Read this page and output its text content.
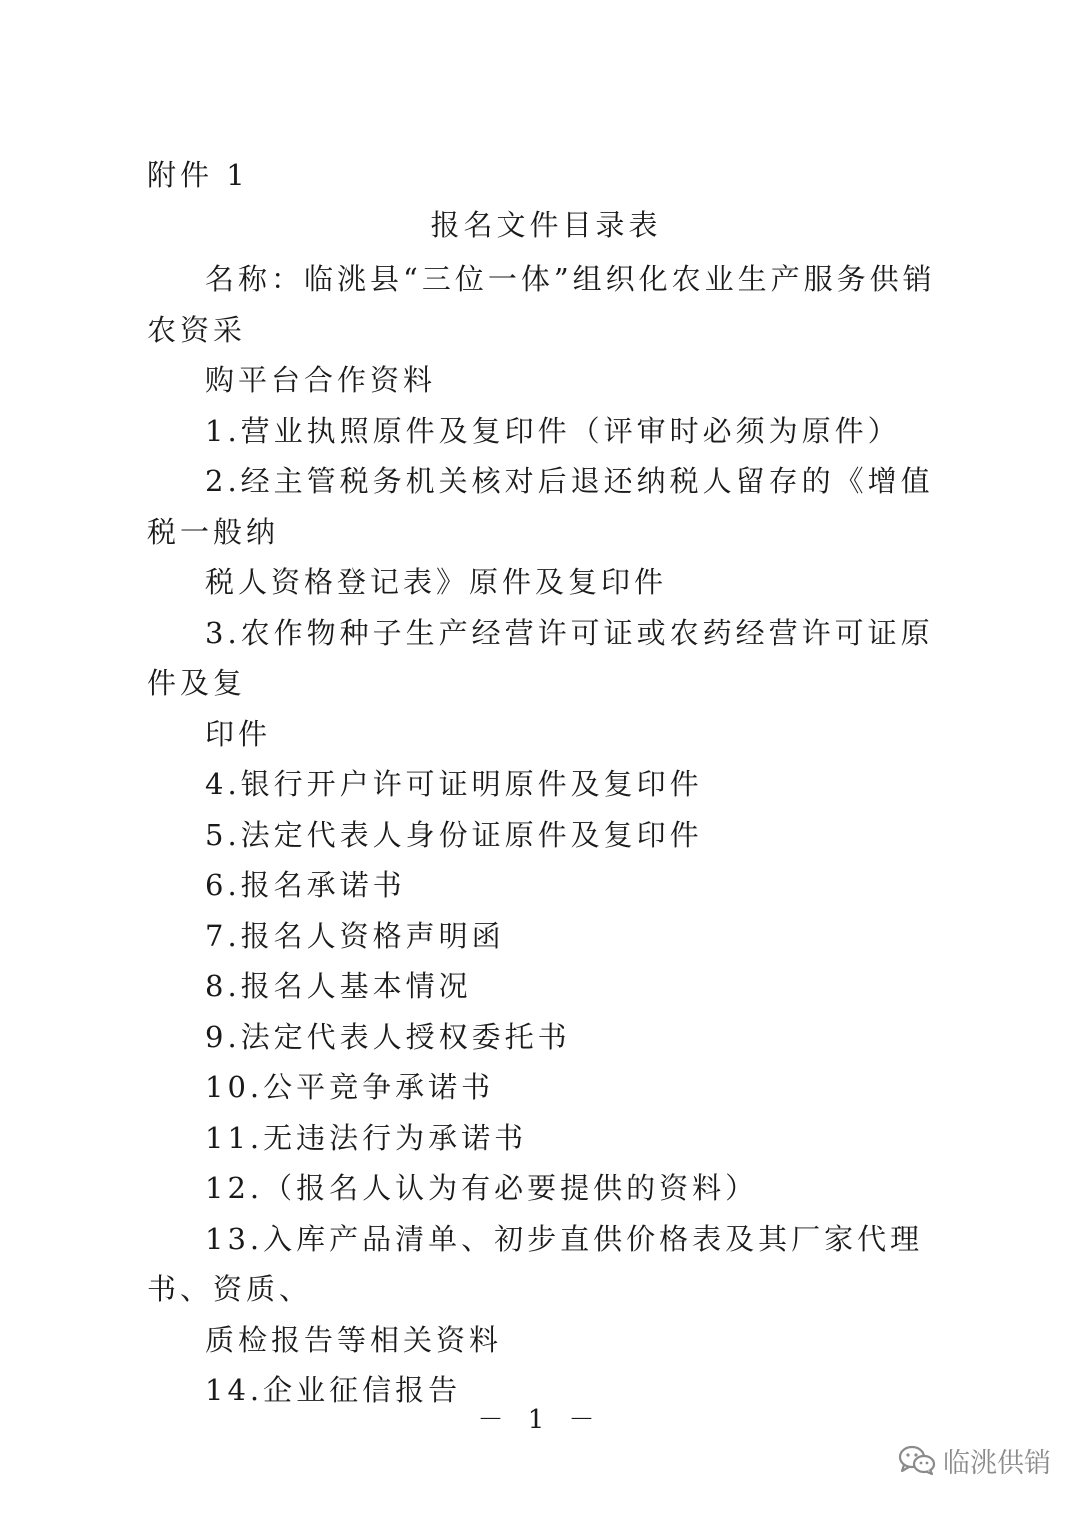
附件 1
报名文件目录表

名称：临洮县“三位一体”组织化农业生产服务供销农资采
购平台合作资料

1.营业执照原件及复印件（评审时必须为原件）

2.经主管税务机关核对后退还纳税人留存的《增值税一般纳
税人资格登记表》原件及复印件

3.农作物种子生产经营许可证或农药经营许可证原件及复
印件

4.银行开户许可证明原件及复印件

5.法定代表人身份证原件及复印件

6.报名承诺书

7.报名人资格声明函

8.报名人基本情况

9.法定代表人授权委托书

10.公平竞争承诺书

11.无违法行为承诺书

12.（报名人认为有必要提供的资料）

13.入库产品清单、初步直供价格表及其厂家代理书、资质、
质检报告等相关资料

14.企业征信报告

－ 1 －
临洮供销
